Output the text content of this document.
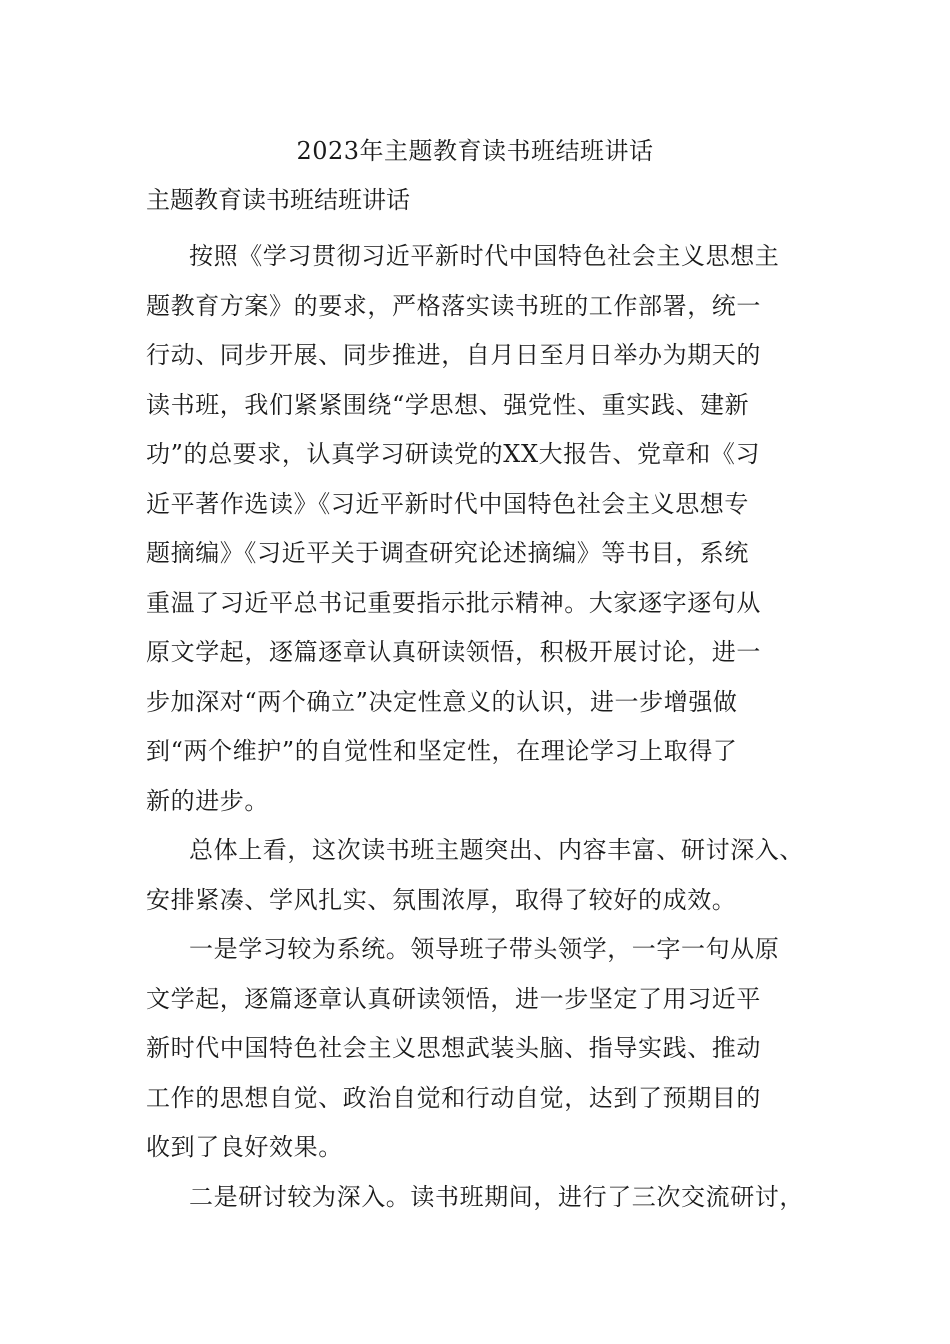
2023年主题教育读书班结班讲话
主题教育读书班结班讲话

按照《学习贯彻习近平新时代中国特色社会主义思想主
题教育方案》的要求，严格落实读书班的工作部署，统一
行动、同步开展、同步推进，自月日至月日举办为期天的
读书班，我们紧紧围绕“学思想、强党性、重实践、建新
功”的总要求，认真学习研读党的XX大报告、党章和《习
近平著作选读》《习近平新时代中国特色社会主义思想专
题摘编》《习近平关于调查研究论述摘编》等书目，系统
重温了习近平总书记重要指示批示精神。大家逐字逐句从
原文学起，逐篇逐章认真研读领悟，积极开展讨论，进一
步加深对“两个确立”决定性意义的认识，进一步增强做
到“两个维护”的自觉性和坚定性，在理论学习上取得了
新的进步。

总体上看，这次读书班主题突出、内容丰富、研讨深入、
安排紧凑、学风扎实、氛围浓厚，取得了较好的成效。

一是学习较为系统。领导班子带头领学，一字一句从原
文学起，逐篇逐章认真研读领悟，进一步坚定了用习近平
新时代中国特色社会主义思想武装头脑、指导实践、推动
工作的思想自觉、政治自觉和行动自觉，达到了预期目的
收到了良好效果。

二是研讨较为深入。读书班期间，进行了三次交流研讨，
